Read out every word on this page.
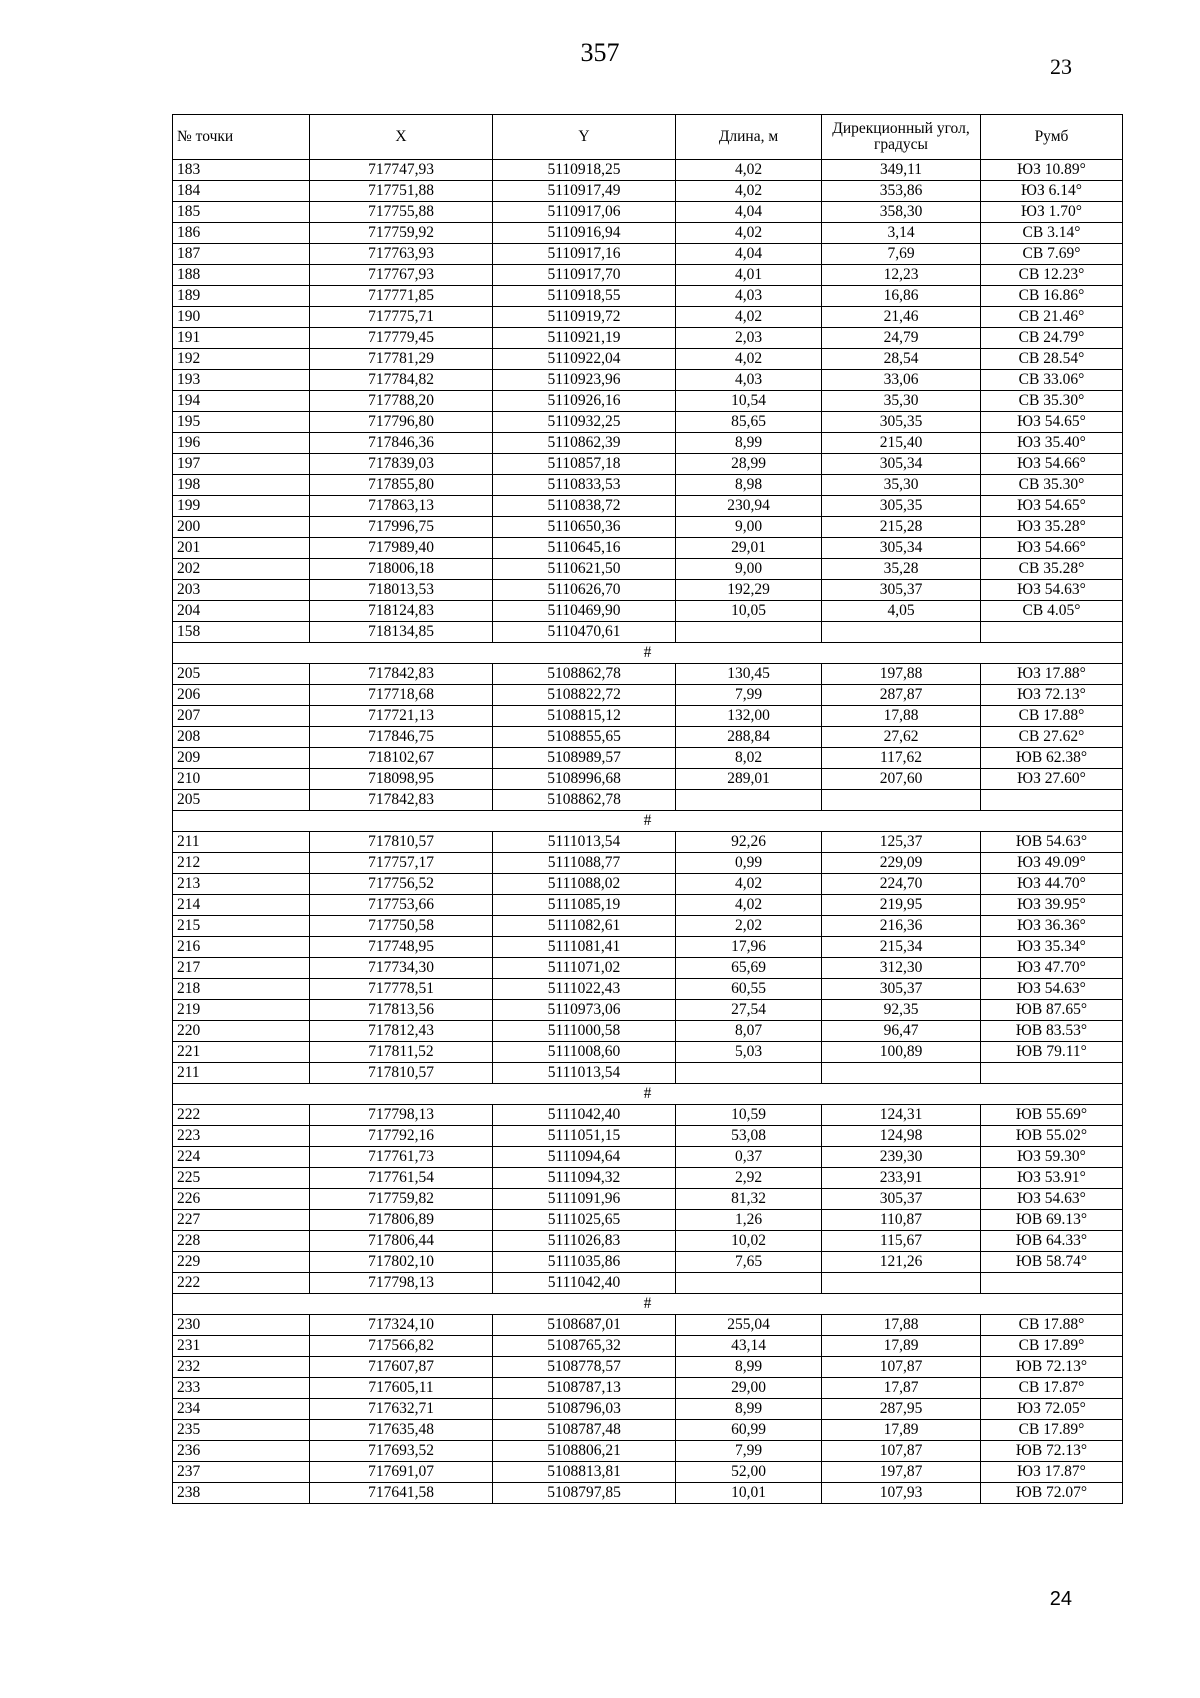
357	23
№ точки	X	Y	Длина, м	Дирекционный угол, градусы	Румб
183	717747,93	5110918,25	4,02	349,11	ЮЗ 10.89°
184	717751,88	5110917,49	4,02	353,86	ЮЗ 6.14°
185	717755,88	5110917,06	4,04	358,30	ЮЗ 1.70°
186	717759,92	5110916,94	4,02	3,14	СВ 3.14°
187	717763,93	5110917,16	4,04	7,69	СВ 7.69°
188	717767,93	5110917,70	4,01	12,23	СВ 12.23°
189	717771,85	5110918,55	4,03	16,86	СВ 16.86°
190	717775,71	5110919,72	4,02	21,46	СВ 21.46°
191	717779,45	5110921,19	2,03	24,79	СВ 24.79°
192	717781,29	5110922,04	4,02	28,54	СВ 28.54°
193	717784,82	5110923,96	4,03	33,06	СВ 33.06°
194	717788,20	5110926,16	10,54	35,30	СВ 35.30°
195	717796,80	5110932,25	85,65	305,35	ЮЗ 54.65°
196	717846,36	5110862,39	8,99	215,40	ЮЗ 35.40°
197	717839,03	5110857,18	28,99	305,34	ЮЗ 54.66°
198	717855,80	5110833,53	8,98	35,30	СВ 35.30°
199	717863,13	5110838,72	230,94	305,35	ЮЗ 54.65°
200	717996,75	5110650,36	9,00	215,28	ЮЗ 35.28°
201	717989,40	5110645,16	29,01	305,34	ЮЗ 54.66°
202	718006,18	5110621,50	9,00	35,28	СВ 35.28°
203	718013,53	5110626,70	192,29	305,37	ЮЗ 54.63°
204	718124,83	5110469,90	10,05	4,05	СВ 4.05°
158	718134,85	5110470,61			
#					
205	717842,83	5108862,78	130,45	197,88	ЮЗ 17.88°
206	717718,68	5108822,72	7,99	287,87	ЮЗ 72.13°
207	717721,13	5108815,12	132,00	17,88	СВ 17.88°
208	717846,75	5108855,65	288,84	27,62	СВ 27.62°
209	718102,67	5108989,57	8,02	117,62	ЮВ 62.38°
210	718098,95	5108996,68	289,01	207,60	ЮЗ 27.60°
205	717842,83	5108862,78			
#					
211	717810,57	5111013,54	92,26	125,37	ЮВ 54.63°
212	717757,17	5111088,77	0,99	229,09	ЮЗ 49.09°
213	717756,52	5111088,02	4,02	224,70	ЮЗ 44.70°
214	717753,66	5111085,19	4,02	219,95	ЮЗ 39.95°
215	717750,58	5111082,61	2,02	216,36	ЮЗ 36.36°
216	717748,95	5111081,41	17,96	215,34	ЮЗ 35.34°
217	717734,30	5111071,02	65,69	312,30	ЮЗ 47.70°
218	717778,51	5111022,43	60,55	305,37	ЮЗ 54.63°
219	717813,56	5110973,06	27,54	92,35	ЮВ 87.65°
220	717812,43	5111000,58	8,07	96,47	ЮВ 83.53°
221	717811,52	5111008,60	5,03	100,89	ЮВ 79.11°
211	717810,57	5111013,54			
#					
222	717798,13	5111042,40	10,59	124,31	ЮВ 55.69°
223	717792,16	5111051,15	53,08	124,98	ЮВ 55.02°
224	717761,73	5111094,64	0,37	239,30	ЮЗ 59.30°
225	717761,54	5111094,32	2,92	233,91	ЮЗ 53.91°
226	717759,82	5111091,96	81,32	305,37	ЮЗ 54.63°
227	717806,89	5111025,65	1,26	110,87	ЮВ 69.13°
228	717806,44	5111026,83	10,02	115,67	ЮВ 64.33°
229	717802,10	5111035,86	7,65	121,26	ЮВ 58.74°
222	717798,13	5111042,40			
#					
230	717324,10	5108687,01	255,04	17,88	СВ 17.88°
231	717566,82	5108765,32	43,14	17,89	СВ 17.89°
232	717607,87	5108778,57	8,99	107,87	ЮВ 72.13°
233	717605,11	5108787,13	29,00	17,87	СВ 17.87°
234	717632,71	5108796,03	8,99	287,95	ЮЗ 72.05°
235	717635,48	5108787,48	60,99	17,89	СВ 17.89°
236	717693,52	5108806,21	7,99	107,87	ЮВ 72.13°
237	717691,07	5108813,81	52,00	197,87	ЮЗ 17.87°
238	717641,58	5108797,85	10,01	107,93	ЮВ 72.07°
24
